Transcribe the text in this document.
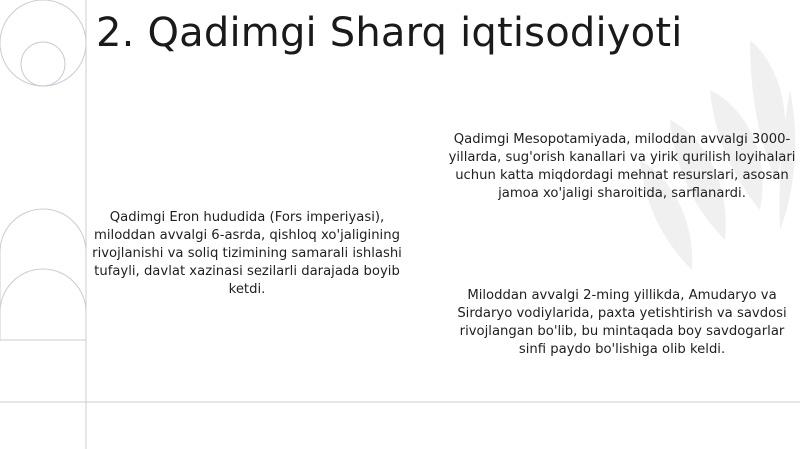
2. Qadimgi Sharq iqtisodiyoti

Qadimgi Eron hududida (Fors imperiyasi), miloddan avvalgi 6-asrda, qishloq xo'jaligining rivojlanishi va soliq tizimining samarali ishlashi tufayli, davlat xazinasi sezilarli darajada boyib ketdi.

Qadimgi Mesopotamiyada, miloddan avvalgi 3000-yillarda, sug'orish kanallari va yirik qurilish loyihalari uchun katta miqdordagi mehnat resurslari, asosan jamoa xo'jaligi sharoitida, sarflanardi.

Miloddan avvalgi 2-ming yillikda, Amudaryo va Sirdaryo vodiylarida, paxta yetishtirish va savdosi rivojlangan bo'lib, bu mintaqada boy savdogarlar sinfi paydo bo'lishiga olib keldi.
